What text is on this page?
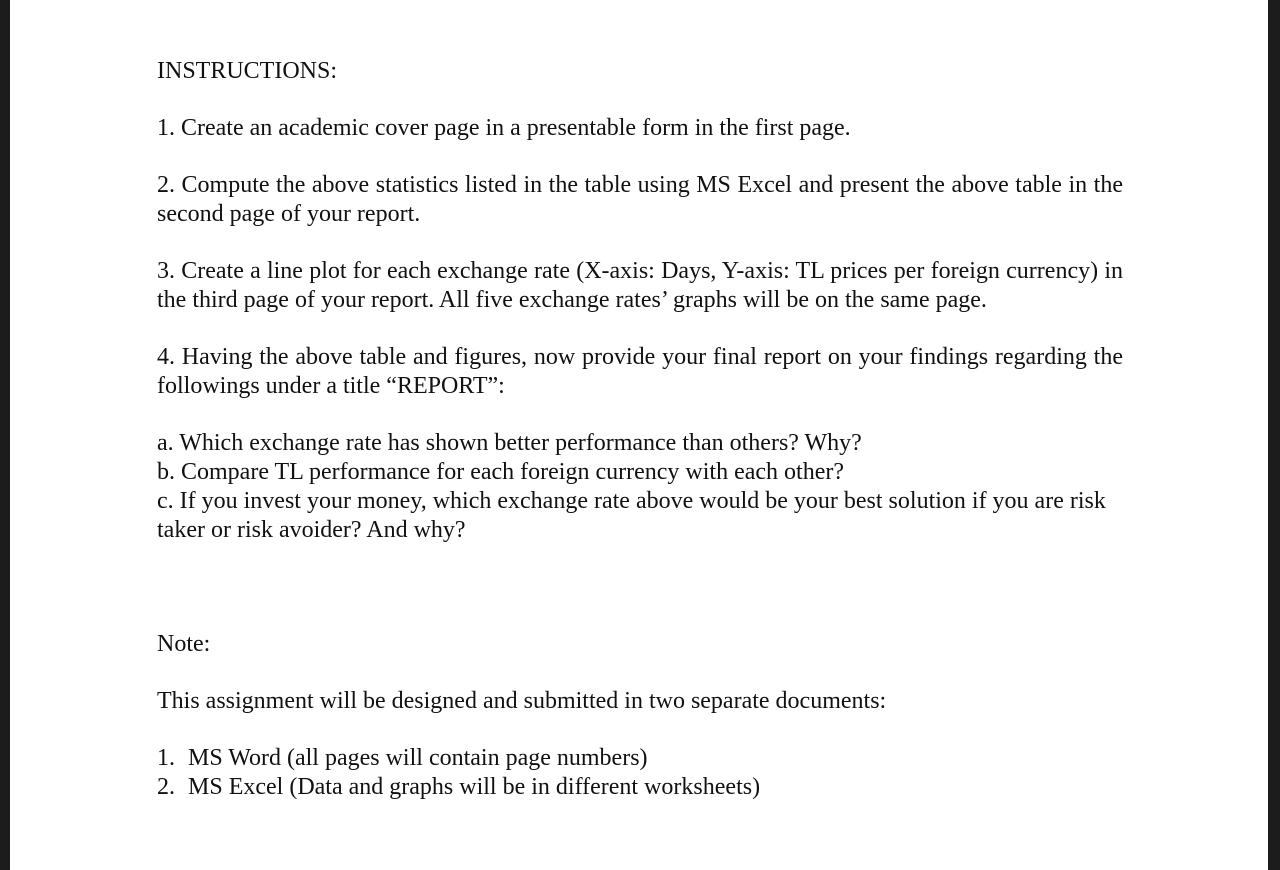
INSTRUCTIONS:

1. Create an academic cover page in a presentable form in the first page.

2. Compute the above statistics listed in the table using MS Excel and present the above table in the second page of your report.

3. Create a line plot for each exchange rate (X-axis: Days, Y-axis: TL prices per foreign currency) in the third page of your report. All five exchange rates’ graphs will be on the same page.

4. Having the above table and figures, now provide your final report on your findings regarding the followings under a title “REPORT”:

a. Which exchange rate has shown better performance than others? Why?

b. Compare TL performance for each foreign currency with each other?

c. If you invest your money, which exchange rate above would be your best solution if you are risk taker or risk avoider? And why?

Note:

This assignment will be designed and submitted in two separate documents:

1. MS Word (all pages will contain page numbers)
2. MS Excel (Data and graphs will be in different worksheets)
